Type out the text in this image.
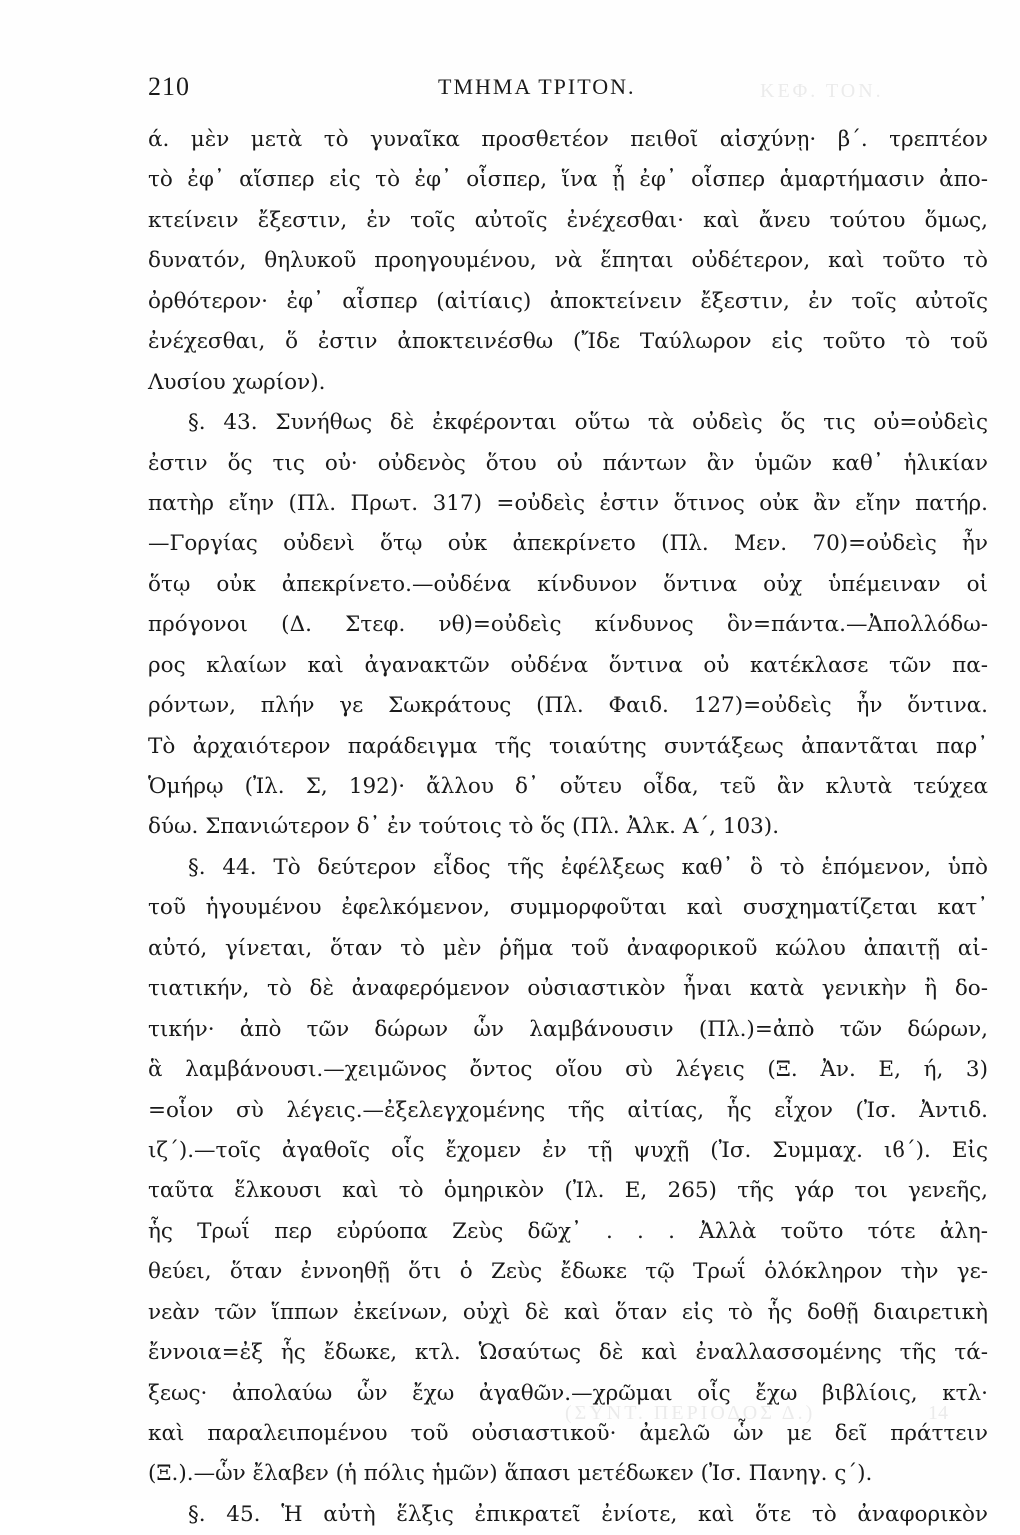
ΚΕΦ. ΤΟΝ.
(ΣΥΝΤ. ΠΕΡΙΟΔΟΣ Δ.)	14
210	ΤΜΗΜΑ ΤΡΙΤΟΝ.
ά. μὲν μετὰ τὸ γυναῖκα προσθετέον πειθοῖ αἰσχύνῃ· β΄. τρεπτέον
τὸ ἐφ᾽ αἵσπερ εἰς τὸ ἐφ᾽ οἷσπερ, ἵνα ᾖ ἐφ᾽ οἷσπερ ἁμαρτήμασιν ἀπο-
κτείνειν ἔξεστιν, ἐν τοῖς αὐτοῖς ἐνέχεσθαι· καὶ ἄνευ τούτου ὅμως,
δυνατόν, θηλυκοῦ προηγουμένου, νὰ ἕπηται οὐδέτερον, καὶ τοῦτο τὸ
ὀρθότερον· ἐφ᾽ αἷσπερ (αἰτίαις) ἀποκτείνειν ἔξεστιν, ἐν τοῖς αὐτοῖς
ἐνέχεσθαι, ὅ ἐστιν ἀποκτεινέσθω (Ἴδε Ταύλωρον εἰς τοῦτο τὸ τοῦ
Λυσίου χωρίον).
§. 43. Συνήθως δὲ ἐκφέρονται οὕτω τὰ οὐδεὶς ὅς τις οὐ=οὐδεὶς
ἐστιν ὅς τις οὐ· οὐδενὸς ὅτου οὐ πάντων ἂν ὑμῶν καθ᾽ ἡλικίαν
πατὴρ εἴην (Πλ. Πρωτ. 317) =οὐδεὶς ἐστιν ὅτινος οὐκ ἂν εἴην πατήρ.
—Γοργίας οὐδενὶ ὅτῳ οὐκ ἀπεκρίνετο (Πλ. Μεν. 70)=οὐδεὶς ἦν
ὅτῳ οὐκ ἀπεκρίνετο.—οὐδένα κίνδυνον ὅντινα οὐχ ὑπέμειναν οἱ
πρόγονοι (Δ. Στεφ. νθ)=οὐδεὶς κίνδυνος ὃν=πάντα.—Ἀπολλόδω-
ρος κλαίων καὶ ἀγανακτῶν οὐδένα ὅντινα οὐ κατέκλασε τῶν πα-
ρόντων, πλήν γε Σωκράτους (Πλ. Φαιδ. 127)=οὐδεὶς ἦν ὅντινα.
Τὸ ἀρχαιότερον παράδειγμα τῆς τοιαύτης συντάξεως ἀπαντᾶται παρ᾽
Ὁμήρῳ (Ἰλ. Σ, 192)· ἄλλου δ᾽ οὔτευ οἶδα, τεῦ ἂν κλυτὰ τεύχεα
δύω. Σπανιώτερον δ᾽ ἐν τούτοις τὸ ὅς (Πλ. Ἀλκ. Α΄, 103).
§. 44. Τὸ δεύτερον εἶδος τῆς ἐφέλξεως καθ᾽ ὃ τὸ ἑπόμενον, ὑπὸ
τοῦ ἡγουμένου ἐφελκόμενον, συμμορφοῦται καὶ συσχηματίζεται κατ᾽
αὐτό, γίνεται, ὅταν τὸ μὲν ῥῆμα τοῦ ἀναφορικοῦ κώλου ἀπαιτῇ αἰ-
τιατικήν, τὸ δὲ ἀναφερόμενον οὐσιαστικὸν ἦναι κατὰ γενικὴν ἢ δο-
τικήν· ἀπὸ τῶν δώρων ὧν λαμβάνουσιν (Πλ.)=ἀπὸ τῶν δώρων,
ἃ λαμβάνουσι.—χειμῶνος ὄντος οἵου σὺ λέγεις (Ξ. Ἀν. Ε, ή, 3)
=οἷον σὺ λέγεις.—ἐξελεγχομένης τῆς αἰτίας, ἧς εἶχον (Ἰσ. Ἀντιδ.
ιζ΄).—τοῖς ἀγαθοῖς οἷς ἔχομεν ἐν τῇ ψυχῇ (Ἰσ. Συμμαχ. ιϐ΄). Εἰς
ταῦτα ἕλκουσι καὶ τὸ ὁμηρικὸν (Ἰλ. Ε, 265) τῆς γάρ τοι γενεῆς,
ἧς Τρωΐ περ εὐρύοπα Ζεὺς δῶχ᾽ . . . Ἀλλὰ τοῦτο τότε ἀλη-
θεύει, ὅταν ἐννοηθῇ ὅτι ὁ Ζεὺς ἔδωκε τῷ Τρωΐ ὁλόκληρον τὴν γε-
νεὰν τῶν ἵππων ἐκείνων, οὐχὶ δὲ καὶ ὅταν εἰς τὸ ἧς δοθῇ διαιρετικὴ
ἔννοια=ἐξ ἧς ἔδωκε, κτλ. Ὡσαύτως δὲ καὶ ἐναλλασσομένης τῆς τά-
ξεως· ἀπολαύω ὧν ἔχω ἀγαθῶν.—χρῶμαι οἷς ἔχω βιβλίοις, κτλ·
καὶ παραλειπομένου τοῦ οὐσιαστικοῦ· ἀμελῶ ὧν με δεῖ πράττειν
(Ξ.).—ὧν ἔλαβεν (ἡ πόλις ἡμῶν) ἅπασι μετέδωκεν (Ἰσ. Πανηγ. ς΄).
§. 45. Ἡ αὐτὴ ἕλξις ἐπικρατεῖ ἐνίοτε, καὶ ὅτε τὸ ἀναφορικὸν
